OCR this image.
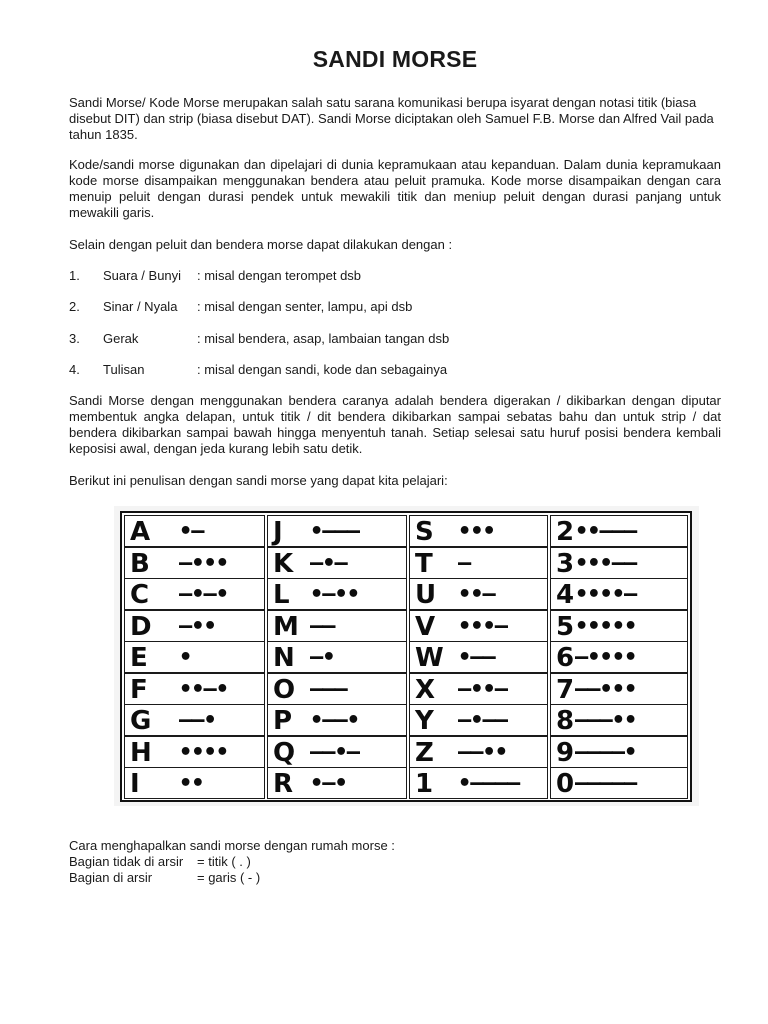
SANDI MORSE

Sandi Morse/ Kode Morse merupakan salah satu sarana komunikasi berupa isyarat dengan notasi titik (biasa disebut DIT) dan strip (biasa disebut DAT). Sandi Morse diciptakan oleh Samuel F.B. Morse dan Alfred Vail pada tahun 1835.

Kode/sandi morse digunakan dan dipelajari di dunia kepramukaan atau kepanduan. Dalam dunia kepramukaan kode morse disampaikan menggunakan bendera atau peluit pramuka. Kode morse disampaikan dengan cara menuip peluit dengan durasi pendek untuk mewakili titik dan meniup peluit dengan durasi panjang untuk mewakili garis.

Selain dengan peluit dan bendera morse dapat dilakukan dengan :

1. Suara / Bunyi : misal dengan terompet dsb
2. Sinar / Nyala : misal dengan senter, lampu, api dsb
3. Gerak	: misal bendera, asap, lambaian tangan dsb
4. Tulisan	: misal dengan sandi, kode dan sebagainya

Sandi Morse dengan menggunakan bendera caranya adalah bendera digerakan / dikibarkan dengan diputar membentuk angka delapan, untuk titik / dit bendera dikibarkan sampai sebatas bahu dan untuk strip / dat bendera dikibarkan sampai bawah hingga menyentuh tanah. Setiap selesai satu huruf posisi bendera kembali keposisi awal, dengan jeda kurang lebih satu detik.

Berikut ini penulisan dengan sandi morse yang dapat kita pelajari:

A •–	J •––– S ••• 2 ••–––
B –••• K –•–	T –	3 •••––
C –•–• L •–•• U ••– 4 ••••–
D –•• M ––	V •••– 5 •••••
E •	N –•	W •–– 6 –••••
F ••–• O –––	X –••– 7 ––•••
G ––• P •––• Y –•–– 8 –––••
H •••• Q ––•– Z ––•• 9 ––––•
I ••	R •–•	1 •–––– 0 –––––
Cara menghapalkan sandi morse dengan rumah morse :
Bagian tidak di arsir = titik ( . )
Bagian di arsir	= garis ( - )
